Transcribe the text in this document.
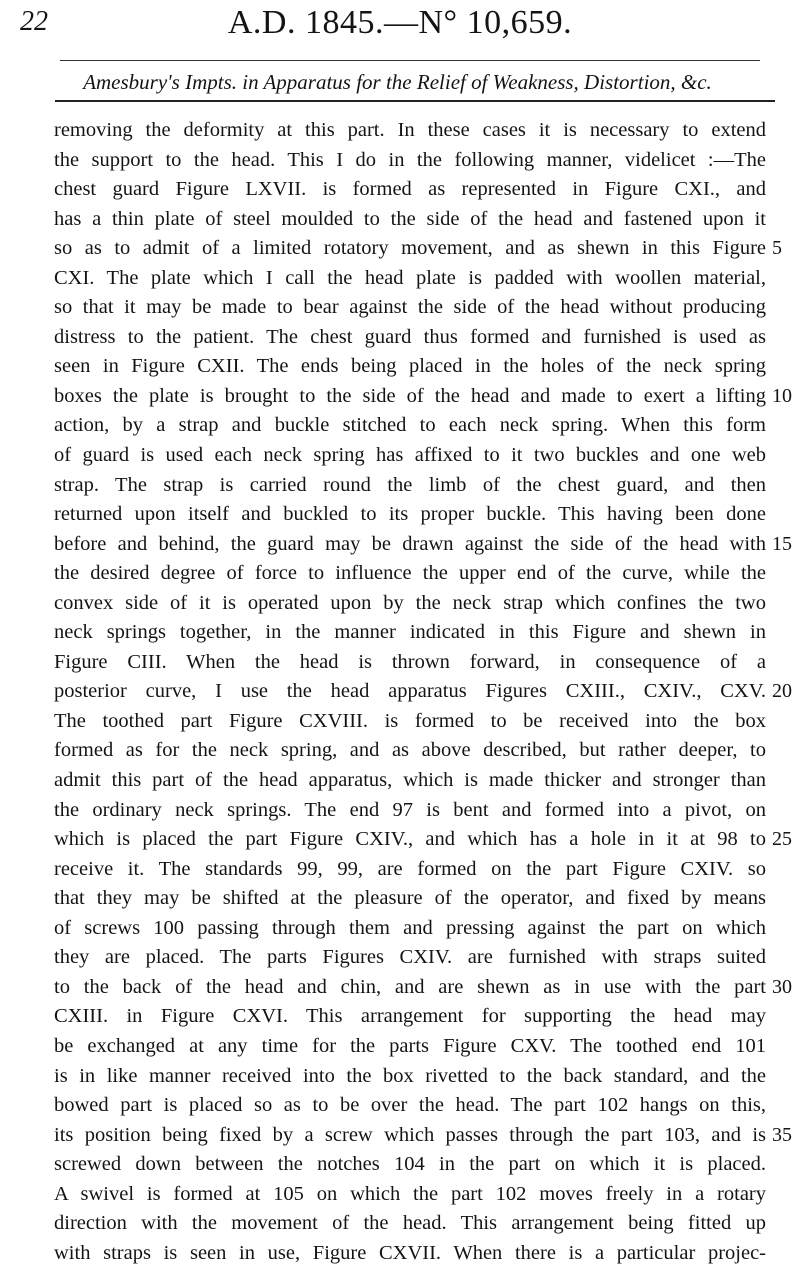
22	A.D. 1845.—N° 10,659.
Amesbury's Impts. in Apparatus for the Relief of Weakness, Distortion, &c.
removing the deformity at this part. In these cases it is necessary to extend
the support to the head. This I do in the following manner, videlicet :—The
chest guard Figure LXVII. is formed as represented in Figure CXI., and
has a thin plate of steel moulded to the side of the head and fastened upon it
so as to admit of a limited rotatory movement, and as shewn in this Figure
CXI. The plate which I call the head plate is padded with woollen material,
so that it may be made to bear against the side of the head without producing
distress to the patient. The chest guard thus formed and furnished is used as
seen in Figure CXII. The ends being placed in the holes of the neck spring
boxes the plate is brought to the side of the head and made to exert a lifting
action, by a strap and buckle stitched to each neck spring. When this form
of guard is used each neck spring has affixed to it two buckles and one web
strap. The strap is carried round the limb of the chest guard, and then
returned upon itself and buckled to its proper buckle. This having been done
before and behind, the guard may be drawn against the side of the head with
the desired degree of force to influence the upper end of the curve, while the
convex side of it is operated upon by the neck strap which confines the two
neck springs together, in the manner indicated in this Figure and shewn in
Figure CIII. When the head is thrown forward, in consequence of a
posterior curve, I use the head apparatus Figures CXIII., CXIV., CXV.
The toothed part Figure CXVIII. is formed to be received into the box
formed as for the neck spring, and as above described, but rather deeper, to
admit this part of the head apparatus, which is made thicker and stronger than
the ordinary neck springs. The end 97 is bent and formed into a pivot, on
which is placed the part Figure CXIV., and which has a hole in it at 98 to
receive it. The standards 99, 99, are formed on the part Figure CXIV. so
that they may be shifted at the pleasure of the operator, and fixed by means
of screws 100 passing through them and pressing against the part on which
they are placed. The parts Figures CXIV. are furnished with straps suited
to the back of the head and chin, and are shewn as in use with the part
CXIII. in Figure CXVI. This arrangement for supporting the head may
be exchanged at any time for the parts Figure CXV. The toothed end 101
is in like manner received into the box rivetted to the back standard, and the
bowed part is placed so as to be over the head. The part 102 hangs on this,
its position being fixed by a screw which passes through the part 103, and is
screwed down between the notches 104 in the part on which it is placed.
A swivel is formed at 105 on which the part 102 moves freely in a rotary
direction with the movement of the head. This arrangement being fitted up
with straps is seen in use, Figure CXVII. When there is a particular projec-
5
10
15
20
25
30
35
